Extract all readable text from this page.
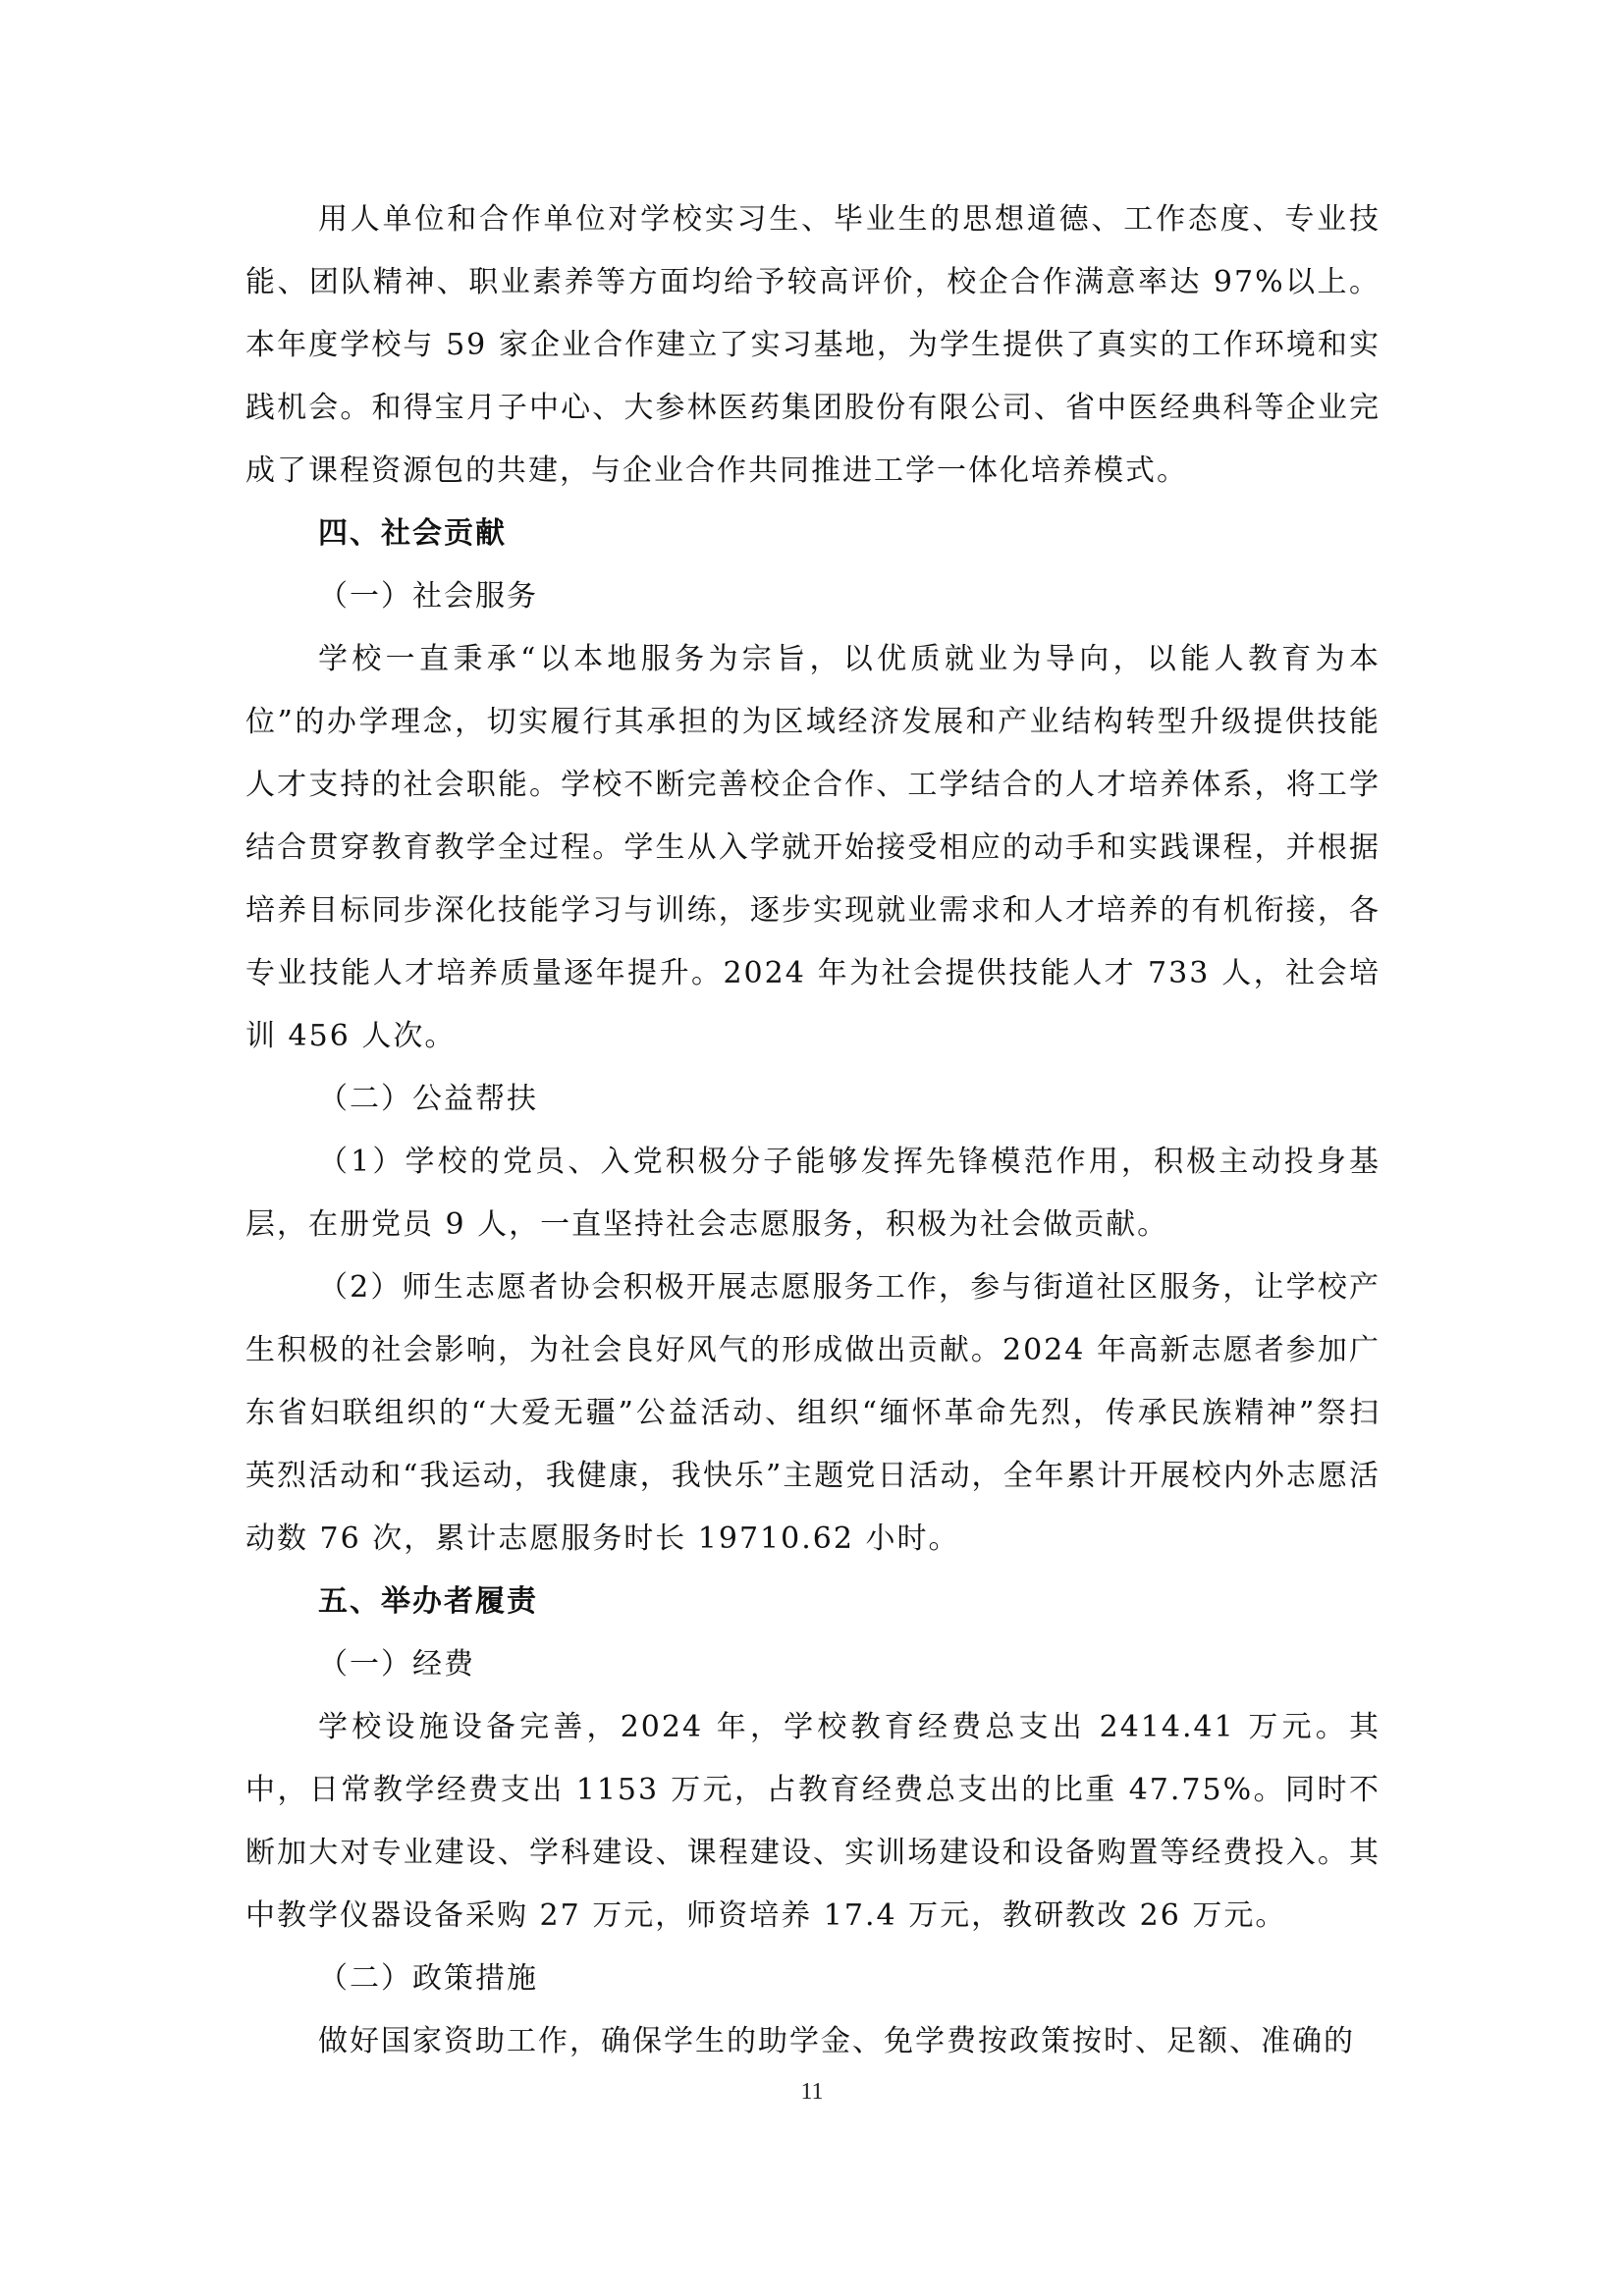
用人单位和合作单位对学校实习生、毕业生的思想道德、工作态度、专业技能、团队精神、职业素养等方面均给予较高评价，校企合作满意率达 97%以上。本年度学校与 59 家企业合作建立了实习基地，为学生提供了真实的工作环境和实践机会。和得宝月子中心、大参林医药集团股份有限公司、省中医经典科等企业完成了课程资源包的共建，与企业合作共同推进工学一体化培养模式。

四、社会贡献

（一）社会服务

学校一直秉承“以本地服务为宗旨，以优质就业为导向，以能人教育为本位”的办学理念，切实履行其承担的为区域经济发展和产业结构转型升级提供技能人才支持的社会职能。学校不断完善校企合作、工学结合的人才培养体系，将工学结合贯穿教育教学全过程。学生从入学就开始接受相应的动手和实践课程，并根据培养目标同步深化技能学习与训练，逐步实现就业需求和人才培养的有机衔接，各专业技能人才培养质量逐年提升。2024 年为社会提供技能人才 733 人，社会培训 456 人次。

（二）公益帮扶

（1）学校的党员、入党积极分子能够发挥先锋模范作用，积极主动投身基层，在册党员 9 人，一直坚持社会志愿服务，积极为社会做贡献。

（2）师生志愿者协会积极开展志愿服务工作，参与街道社区服务，让学校产生积极的社会影响，为社会良好风气的形成做出贡献。2024 年高新志愿者参加广东省妇联组织的“大爱无疆”公益活动、组织“缅怀革命先烈，传承民族精神”祭扫英烈活动和“我运动，我健康，我快乐”主题党日活动，全年累计开展校内外志愿活动数 76 次，累计志愿服务时长 19710.62 小时。

五、举办者履责

（一）经费

学校设施设备完善，2024 年，学校教育经费总支出 2414.41 万元。其中，日常教学经费支出 1153 万元，占教育经费总支出的比重 47.75%。同时不断加大对专业建设、学科建设、课程建设、实训场建设和设备购置等经费投入。其中教学仪器设备采购 27 万元，师资培养 17.4 万元，教研教改 26 万元。

（二）政策措施

做好国家资助工作，确保学生的助学金、免学费按政策按时、足额、准确的

11
